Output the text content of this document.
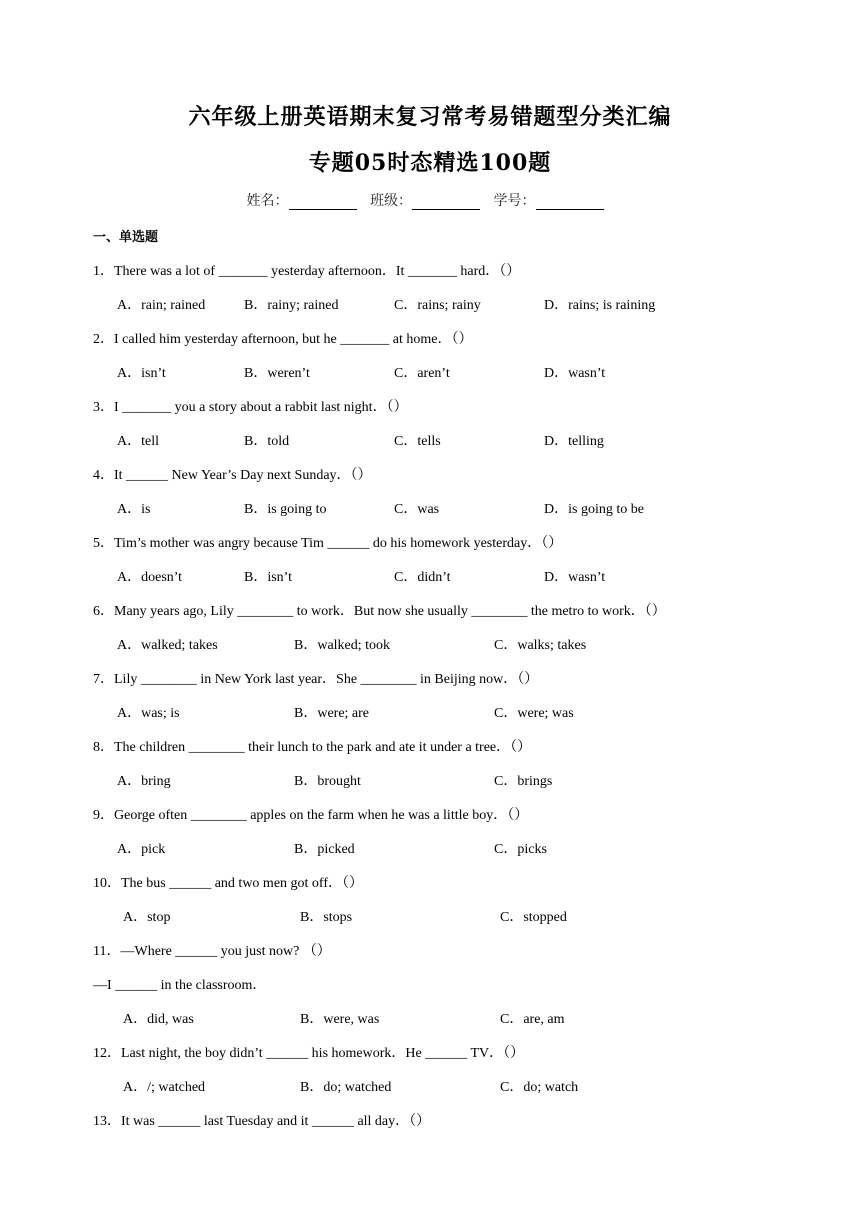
六年级上册英语期末复习常考易错题型分类汇编
专题05时态精选100题
姓名：	班级：	学号：
一、单选题
1．There was a lot of _______ yesterday afternoon．It _______ hard．（）
A．rain; rained	B．rainy; rained	C．rains; rainy	D．rains; is raining
2．I called him yesterday afternoon, but he _______ at home．（）
A．isn’t	B．weren’t	C．aren’t	D．wasn’t
3．I _______ you a story about a rabbit last night．（）
A．tell	B．told	C．tells	D．telling
4．It ______ New Year’s Day next Sunday．（）
A．is	B．is going to	C．was	D．is going to be
5．Tim’s mother was angry because Tim ______ do his homework yesterday．（）
A．doesn’t	B．isn’t	C．didn’t	D．wasn’t
6．Many years ago, Lily ________ to work．But now she usually ________ the metro to work．（）
A．walked; takes	B．walked; took	C．walks; takes
7．Lily ________ in New York last year．She ________ in Beijing now．（）
A．was; is	B．were; are	C．were; was
8．The children ________ their lunch to the park and ate it under a tree．（）
A．bring	B．brought	C．brings
9．George often ________ apples on the farm when he was a little boy．（）
A．pick	B．picked	C．picks
10．The bus ______ and two men got off．（）
A．stop	B．stops	C．stopped
11．—Where ______ you just now? （）
—I ______ in the classroom．
A．did, was	B．were, was	C．are, am
12．Last night, the boy didn’t ______ his homework．He ______ TV．（）
A．/; watched	B．do; watched	C．do; watch
13．It was ______ last Tuesday and it ______ all day．（）
